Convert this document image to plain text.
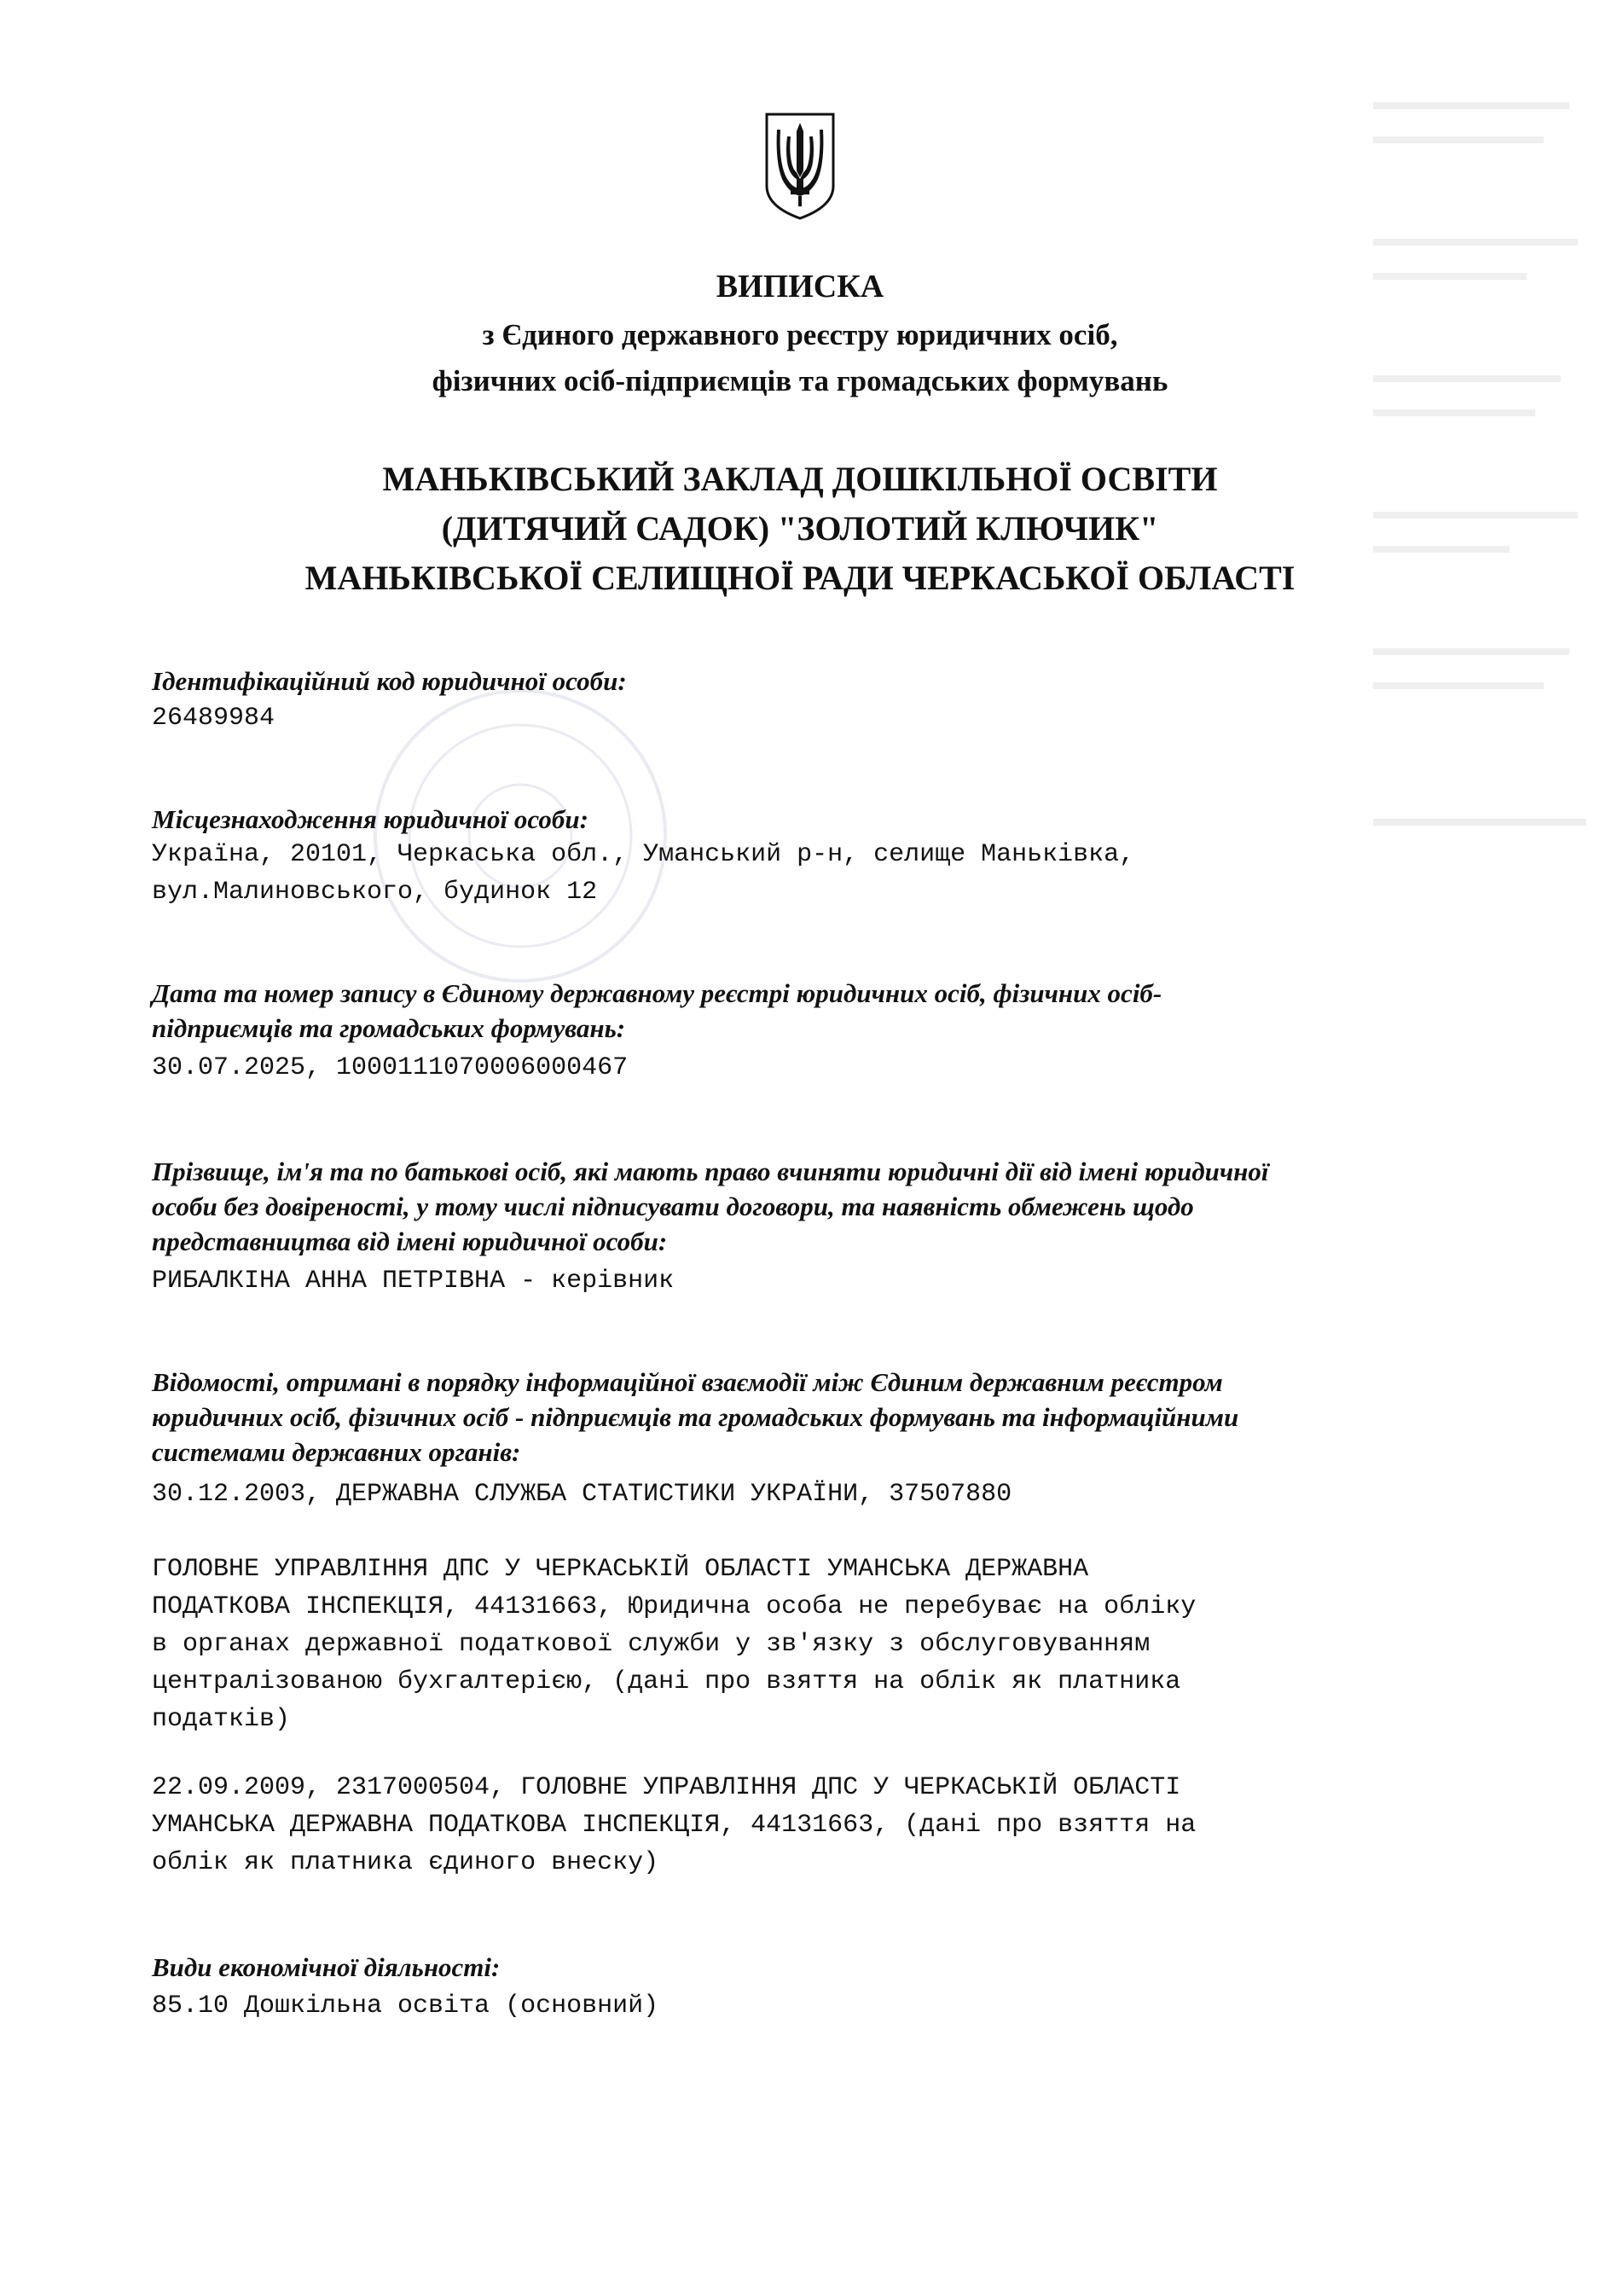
ВИПИСКА
з Єдиного державного реєстру юридичних осіб,
фізичних осіб-підприємців та громадських формувань
МАНЬКІВСЬКИЙ ЗАКЛАД ДОШКІЛЬНОЇ ОСВІТИ
(ДИТЯЧИЙ САДОК) "ЗОЛОТИЙ КЛЮЧИК"
МАНЬКІВСЬКОЇ СЕЛИЩНОЇ РАДИ ЧЕРКАСЬКОЇ ОБЛАСТІ
Ідентифікаційний код юридичної особи:
26489984
Місцезнаходження юридичної особи:
Україна, 20101, Черкаська обл., Уманський р-н, селище Маньківка,
вул.Малиновського, будинок 12
Дата та номер запису в Єдиному державному реєстрі юридичних осіб, фізичних осіб-
підприємців та громадських формувань:
30.07.2025, 1000111070006000467
Прізвище, ім'я та по батькові осіб, які мають право вчиняти юридичні дії від імені юридичної
особи без довіреності, у тому числі підписувати договори, та наявність обмежень щодо
представництва від імені юридичної особи:
РИБАЛКІНА АННА ПЕТРІВНА - керівник
Відомості, отримані в порядку інформаційної взаємодії між Єдиним державним реєстром
юридичних осіб, фізичних осіб - підприємців та громадських формувань та інформаційними
системами державних органів:
30.12.2003, ДЕРЖАВНА СЛУЖБА СТАТИСТИКИ УКРАЇНИ, 37507880
ГОЛОВНЕ УПРАВЛІННЯ ДПС У ЧЕРКАСЬКІЙ ОБЛАСТІ УМАНСЬКА ДЕРЖАВНА
ПОДАТКОВА ІНСПЕКЦІЯ, 44131663, Юридична особа не перебуває на обліку
в органах державної податкової служби у зв'язку з обслуговуванням
централізованою бухгалтерією, (дані про взяття на облік як платника
податків)
22.09.2009, 2317000504, ГОЛОВНЕ УПРАВЛІННЯ ДПС У ЧЕРКАСЬКІЙ ОБЛАСТІ
УМАНСЬКА ДЕРЖАВНА ПОДАТКОВА ІНСПЕКЦІЯ, 44131663, (дані про взяття на
облік як платника єдиного внеску)
Види економічної діяльності:
85.10 Дошкільна освіта (основний)
